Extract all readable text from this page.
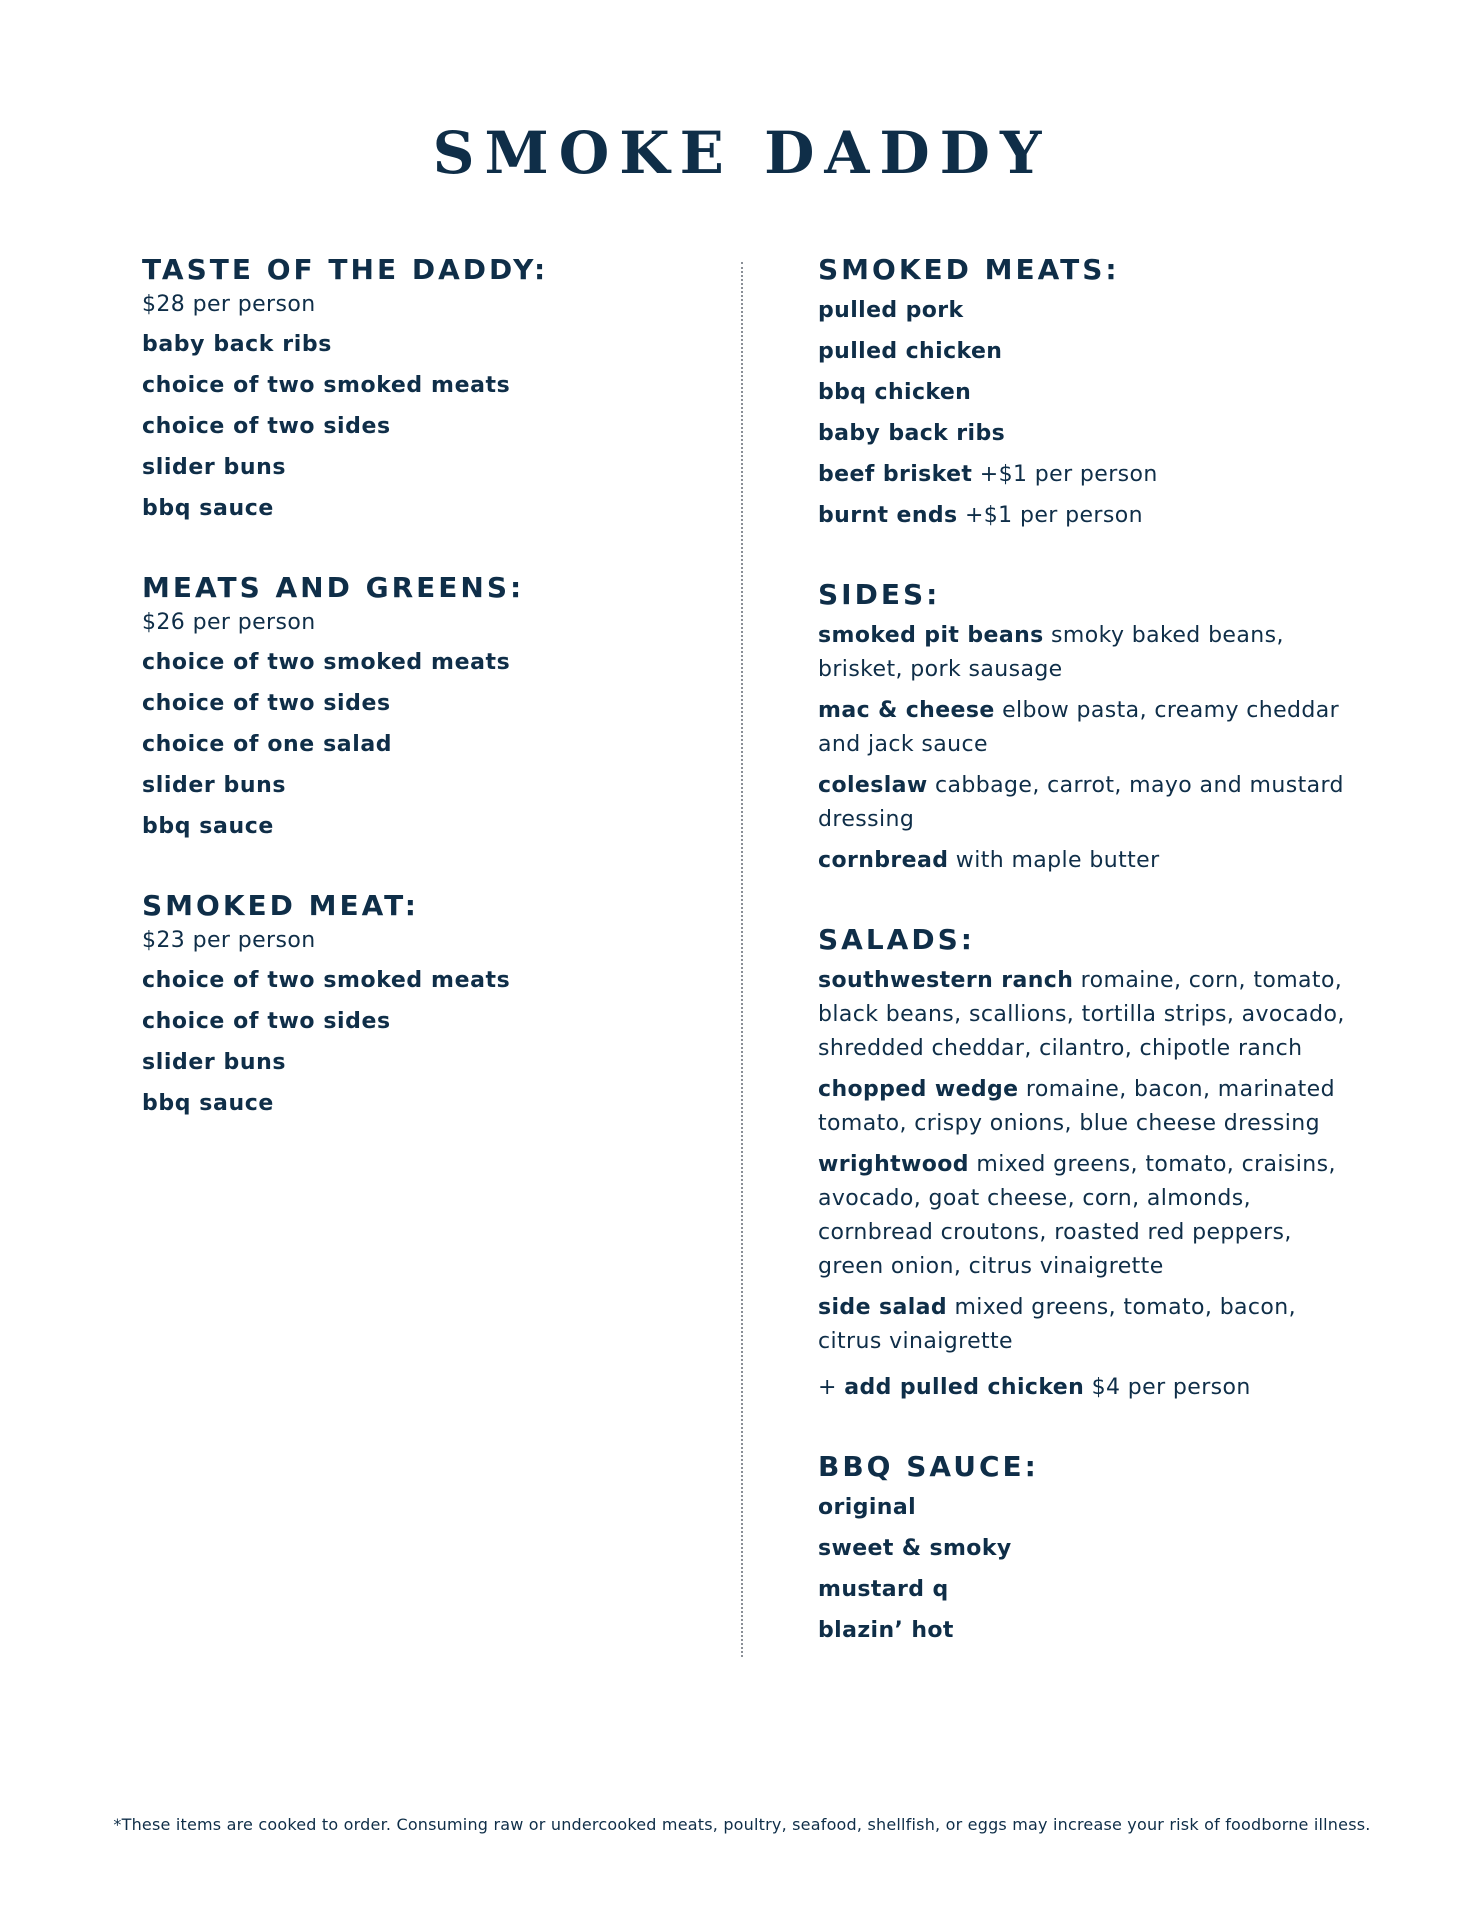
SMOKE DADDY
TASTE OF THE DADDY:

$28 per person

baby back ribs

choice of two smoked meats

choice of two sides

slider buns

bbq sauce

MEATS AND GREENS:

$26 per person

choice of two smoked meats

choice of two sides

choice of one salad

slider buns

bbq sauce

SMOKED MEAT:

$23 per person

choice of two smoked meats

choice of two sides

slider buns

bbq sauce

SMOKED MEATS:

pulled pork

pulled chicken

bbq chicken

baby back ribs

beef brisket +$1 per person

burnt ends +$1 per person

SIDES:

smoked pit beans smoky baked beans, brisket, pork sausage

mac & cheese elbow pasta, creamy cheddar and jack sauce

coleslaw cabbage, carrot, mayo and mustard dressing

cornbread with maple butter

SALADS:

southwestern ranch romaine, corn, tomato, black beans, scallions, tortilla strips, avocado, shredded cheddar, cilantro, chipotle ranch

chopped wedge romaine, bacon, marinated tomato, crispy onions, blue cheese dressing

wrightwood mixed greens, tomato, craisins, avocado, goat cheese, corn, almonds, cornbread croutons, roasted red peppers, green onion, citrus vinaigrette

side salad mixed greens, tomato, bacon, citrus vinaigrette

+ add pulled chicken $4 per person

BBQ SAUCE:

original

sweet & smoky

mustard q

blazin’ hot

*These items are cooked to order. Consuming raw or undercooked meats, poultry, seafood, shellfish, or eggs may increase your risk of foodborne illness.
